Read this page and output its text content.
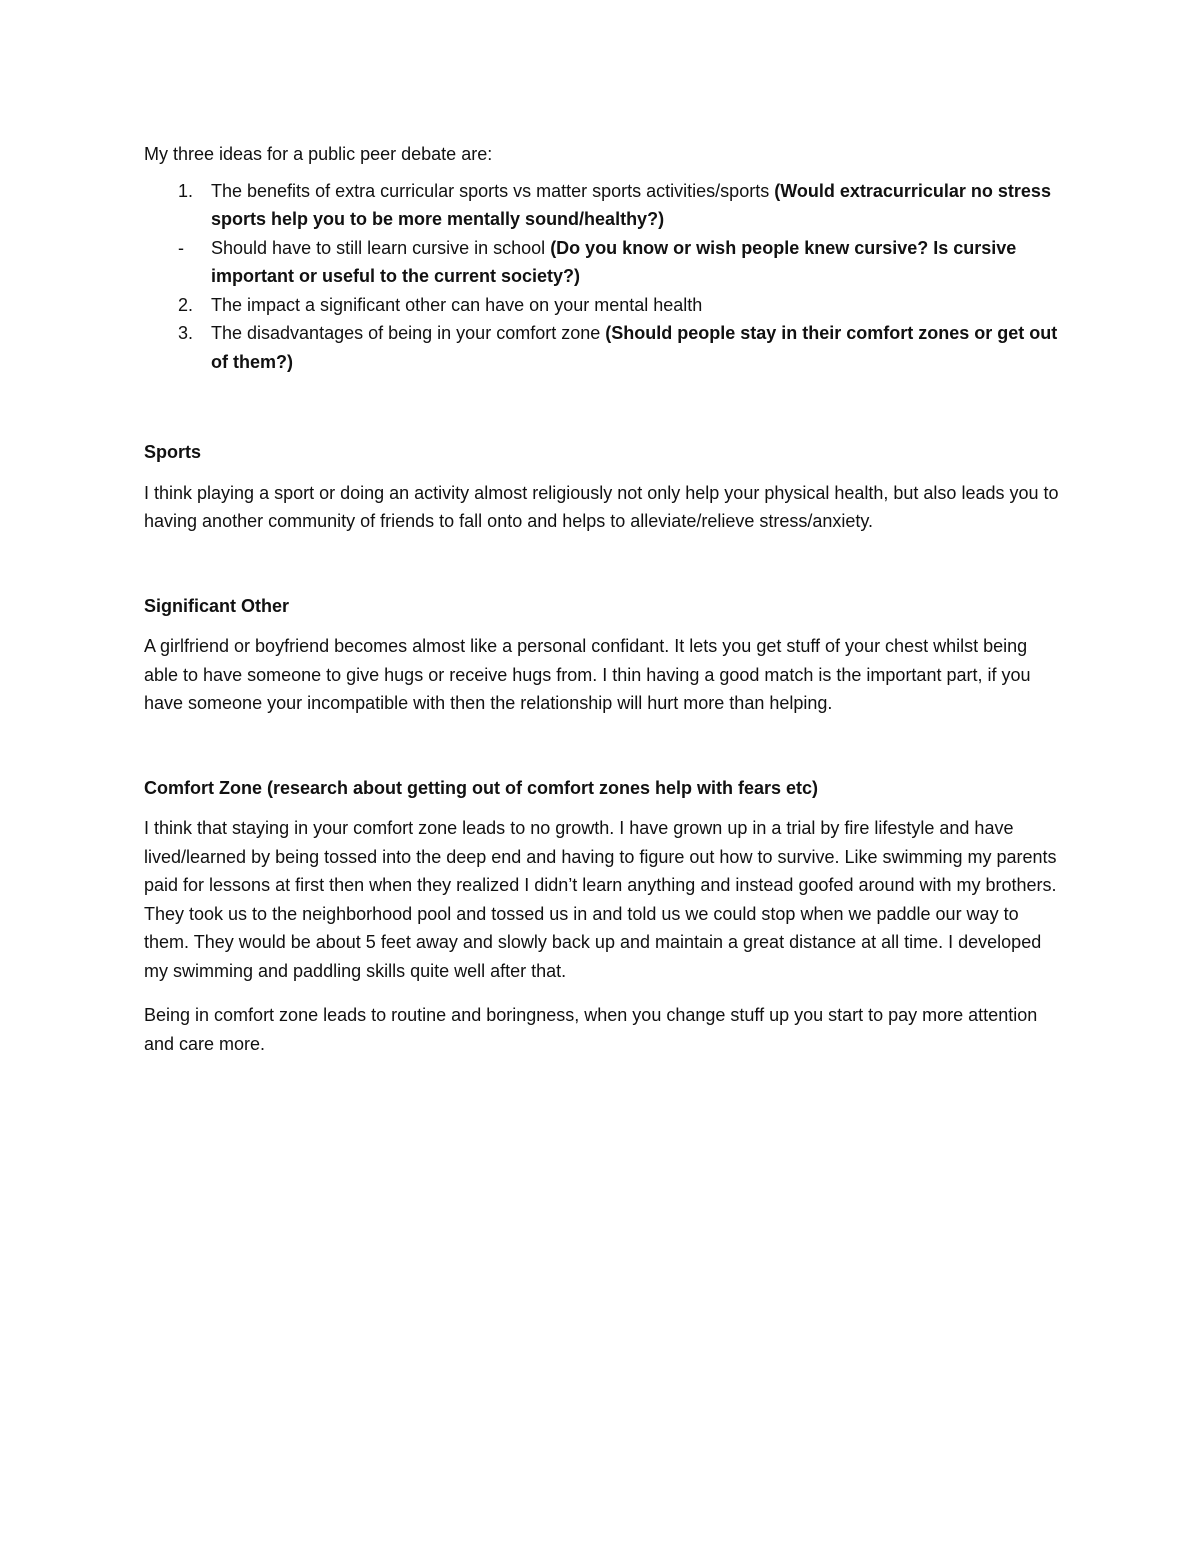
My three ideas for a public peer debate are:

1. The benefits of extra curricular sports vs matter sports activities/sports (Would extracurricular no stress sports help you to be more mentally sound/healthy?)
- Should have to still learn cursive in school (Do you know or wish people knew cursive? Is cursive important or useful to the current society?)
2. The impact a significant other can have on your mental health
3. The disadvantages of being in your comfort zone (Should people stay in their comfort zones or get out of them?)

Sports

I think playing a sport or doing an activity almost religiously not only help your physical health, but also leads you to having another community of friends to fall onto and helps to alleviate/relieve stress/anxiety.

Significant Other

A girlfriend or boyfriend becomes almost like a personal confidant. It lets you get stuff of your chest whilst being able to have someone to give hugs or receive hugs from. I thin having a good match is the important part, if you have someone your incompatible with then the relationship will hurt more than helping.

Comfort Zone (research about getting out of comfort zones help with fears etc)

I think that staying in your comfort zone leads to no growth. I have grown up in a trial by fire lifestyle and have lived/learned by being tossed into the deep end and having to figure out how to survive. Like swimming my parents paid for lessons at first then when they realized I didn’t learn anything and instead goofed around with my brothers. They took us to the neighborhood pool and tossed us in and told us we could stop when we paddle our way to them. They would be about 5 feet away and slowly back up and maintain a great distance at all time. I developed my swimming and paddling skills quite well after that.

Being in comfort zone leads to routine and boringness, when you change stuff up you start to pay more attention and care more.
